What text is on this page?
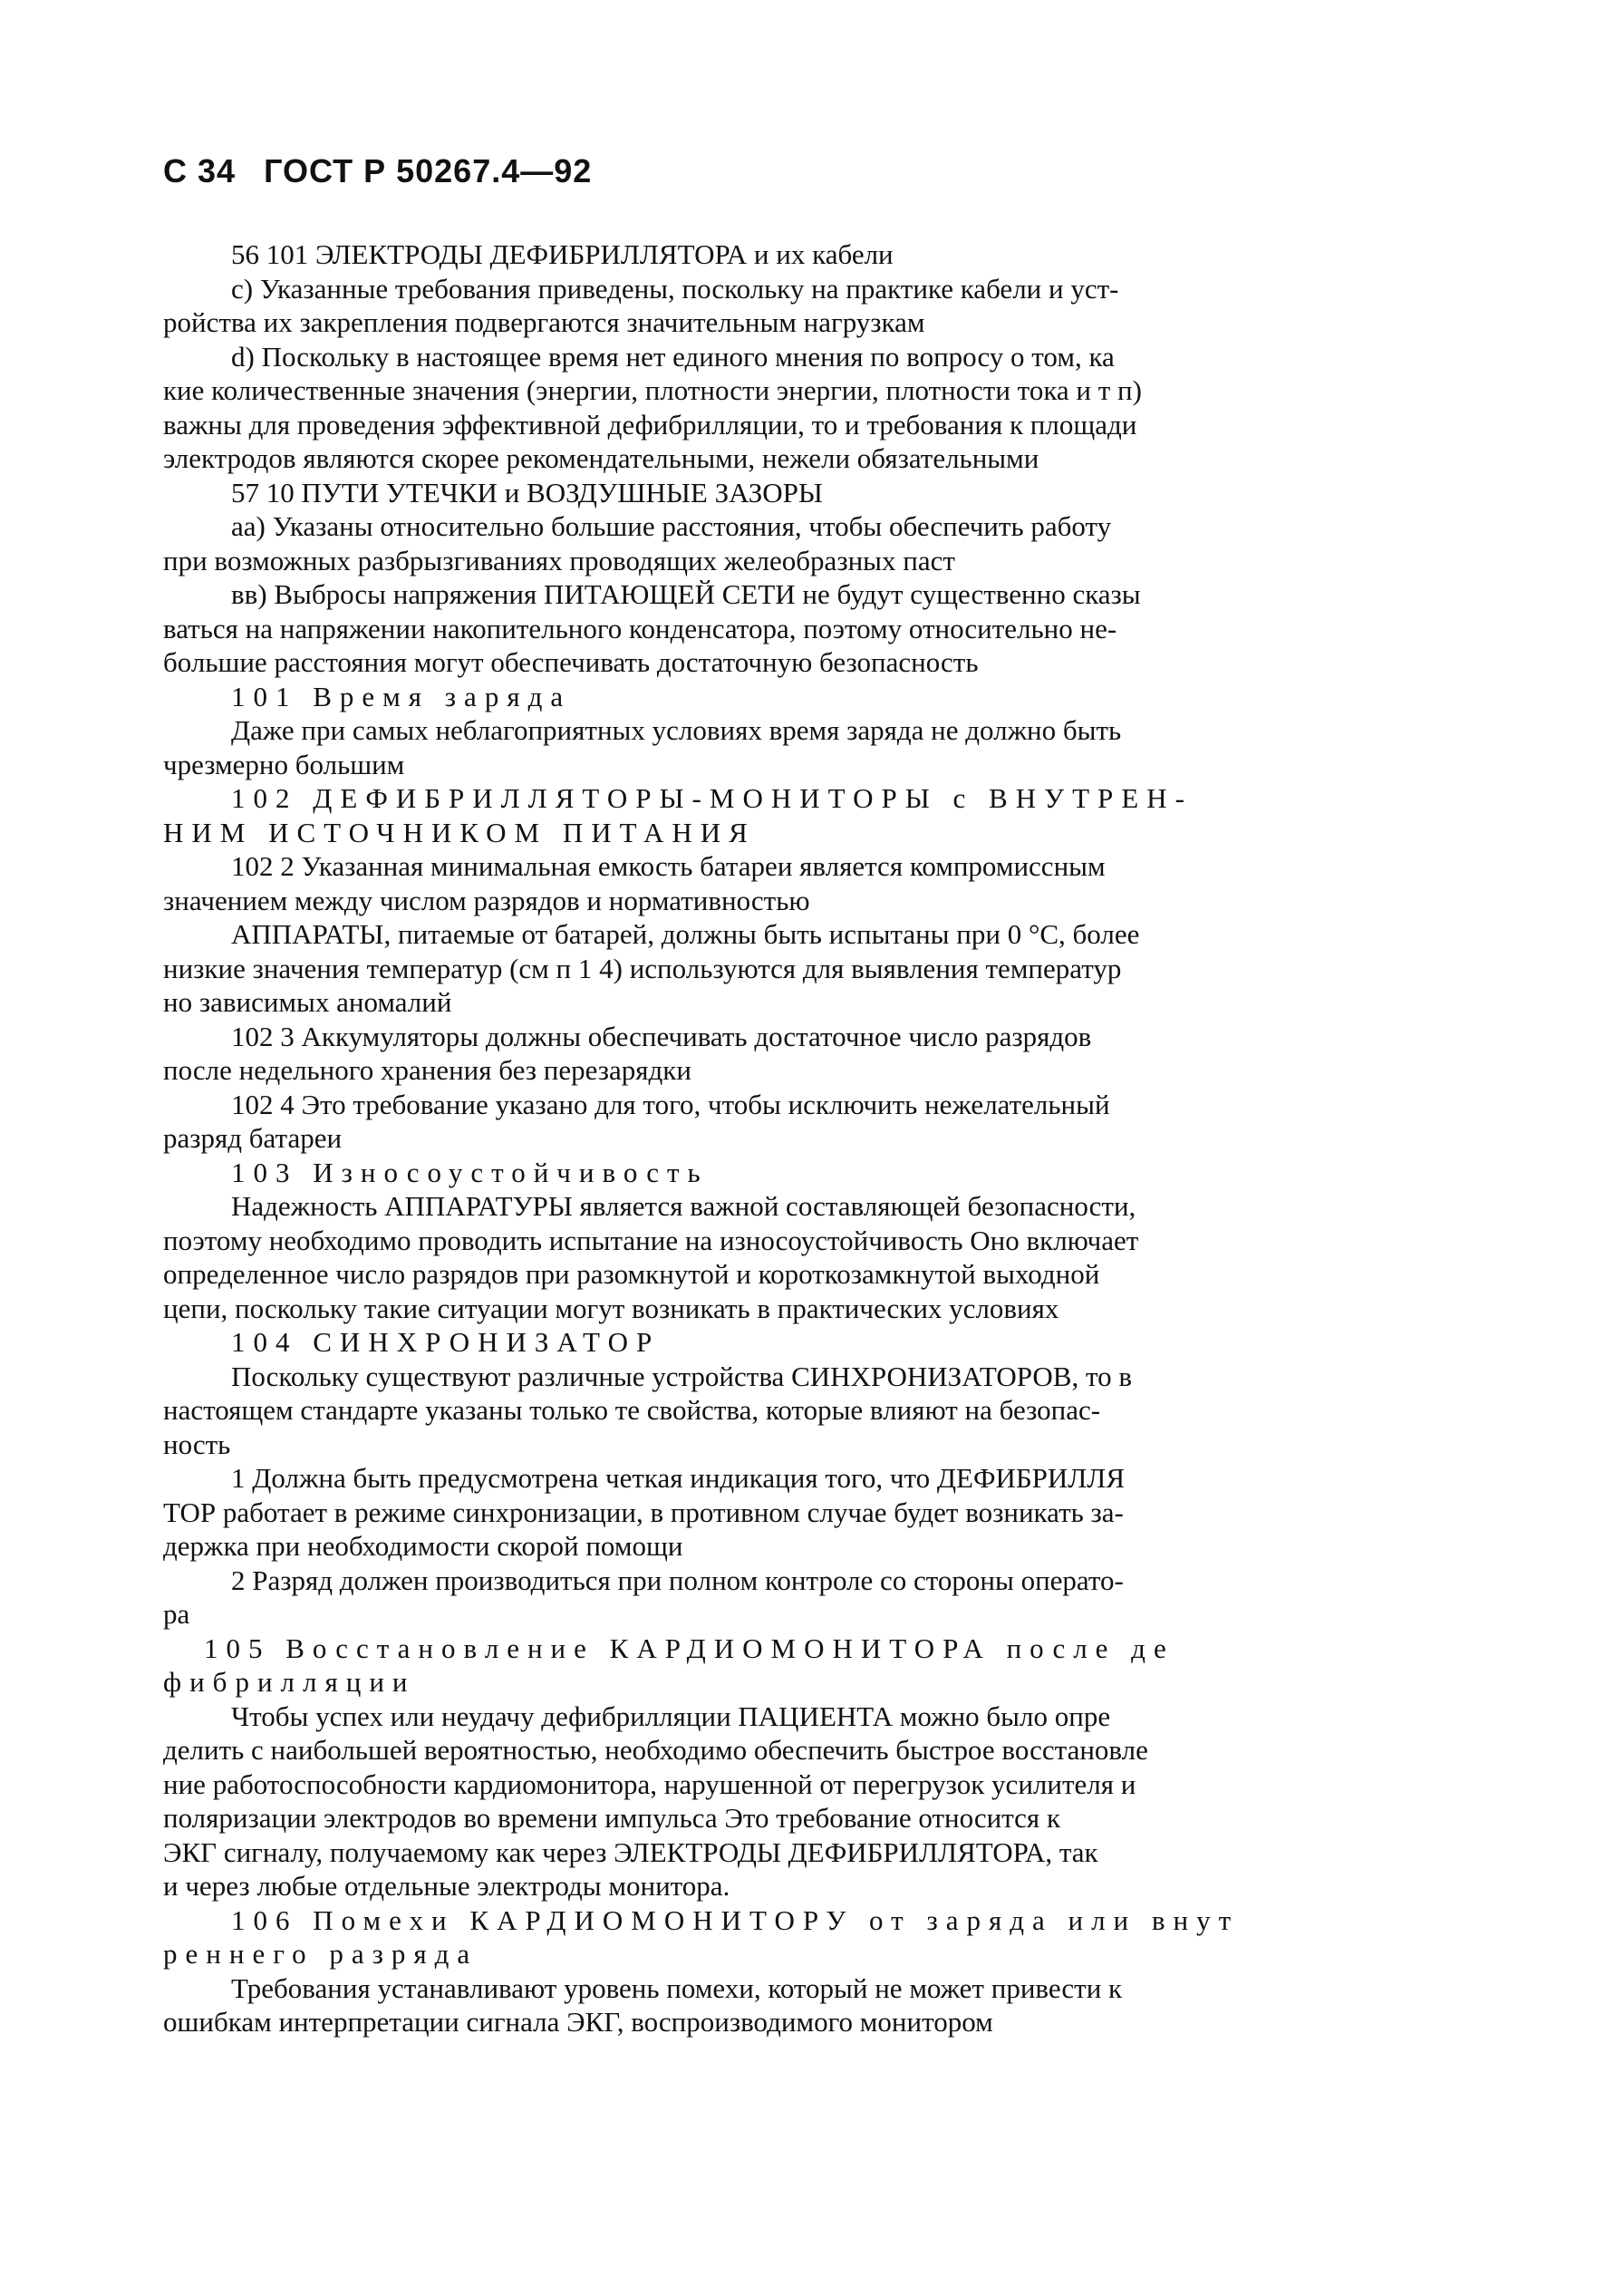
С 34 ГОСТ Р 50267.4—92

56 101 ЭЛЕКТРОДЫ ДЕФИБРИЛЛЯТОРА и их кабели

с) Указанные требования приведены, поскольку на практике кабели и уст-

ройства их закрепления подвергаются значительным нагрузкам

d) Поскольку в настоящее время нет единого мнения по вопросу о том, ка

кие количественные значения (энергии, плотности энергии, плотности тока и т п)

важны для проведения эффективной дефибрилляции, то и требования к площади

электродов являются скорее рекомендательными, нежели обязательными

57 10 ПУТИ УТЕЧКИ и ВОЗДУШНЫЕ ЗАЗОРЫ

аа) Указаны относительно большие расстояния, чтобы обеспечить работу

при возможных разбрызгиваниях проводящих желеобразных паст

вв) Выбросы напряжения ПИТАЮЩЕЙ СЕТИ не будут существенно сказы

ваться на напряжении накопительного конденсатора, поэтому относительно не-

большие расстояния могут обеспечивать достаточную безопасность

101 Время заряда

Даже при самых неблагоприятных условиях время заряда не должно быть

чрезмерно большим

102 ДЕФИБРИЛЛЯТОРЫ-МОНИТОРЫ с ВНУТРЕН-

НИМ ИСТОЧНИКОМ ПИТАНИЯ

102 2 Указанная минимальная емкость батареи является компромиссным

значением между числом разрядов и нормативностью

АППАРАТЫ, питаемые от батарей, должны быть испытаны при 0 °С, более

низкие значения температур (см п 1 4) используются для выявления температур

но зависимых аномалий

102 3 Аккумуляторы должны обеспечивать достаточное число разрядов

после недельного хранения без перезарядки

102 4 Это требование указано для того, чтобы исключить нежелательный

разряд батареи

103 Износоустойчивость

Надежность АППАРАТУРЫ является важной составляющей безопасности,

поэтому необходимо проводить испытание на износоустойчивость Оно включает

определенное число разрядов при разомкнутой и короткозамкнутой выходной

цепи, поскольку такие ситуации могут возникать в практических условиях

104 СИНХРОНИЗАТОР

Поскольку существуют различные устройства СИНХРОНИЗАТОРОВ, то в

настоящем стандарте указаны только те свойства, которые влияют на безопас-

ность

1 Должна быть предусмотрена четкая индикация того, что ДЕФИБРИЛЛЯ

ТОР работает в режиме синхронизации, в противном случае будет возникать за-

держка при необходимости скорой помощи

2 Разряд должен производиться при полном контроле со стороны операто-

ра

105 Восстановление КАРДИОМОНИТОРА после де

фибрилляции

Чтобы успех или неудачу дефибрилляции ПАЦИЕНТА можно было опре

делить с наибольшей вероятностью, необходимо обеспечить быстрое восстановле

ние работоспособности кардиомонитора, нарушенной от перегрузок усилителя и

поляризации электродов во времени импульса Это требование относится к

ЭКГ сигналу, получаемому как через ЭЛЕКТРОДЫ ДЕФИБРИЛЛЯТОРА, так

и через любые отдельные электроды монитора.

106 Помехи КАРДИОМОНИТОРУ от заряда или внут

реннего разряда

Требования устанавливают уровень помехи, который не может привести к

ошибкам интерпретации сигнала ЭКГ, воспроизводимого монитором
